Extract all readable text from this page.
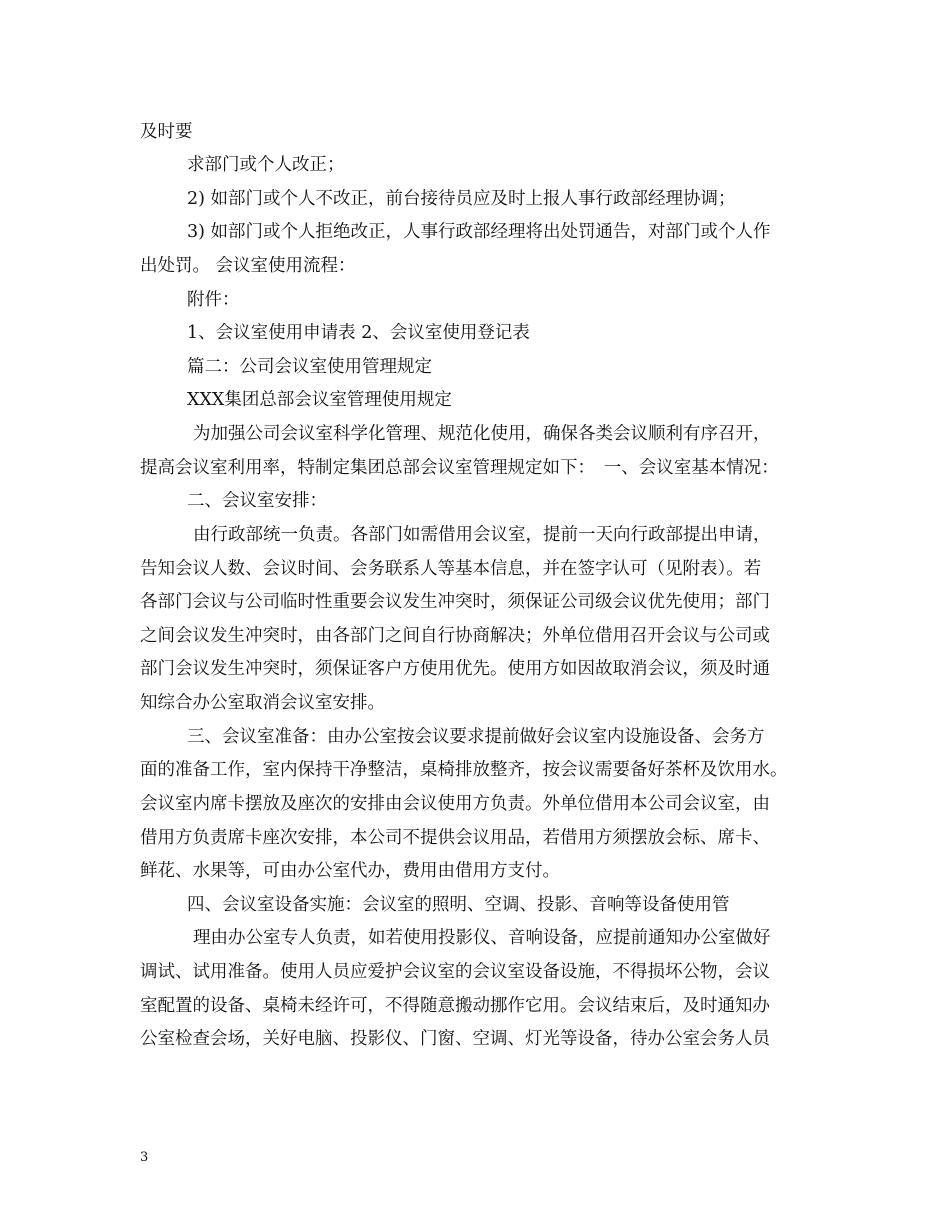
及时要
求部门或个人改正；
2) 如部门或个人不改正，前台接待员应及时上报人事行政部经理协调；
3) 如部门或个人拒绝改正，人事行政部经理将出处罚通告，对部门或个人作
出处罚。 会议室使用流程：
附件：
1、会议室使用申请表 2、会议室使用登记表
篇二：公司会议室使用管理规定
XXX集团总部会议室管理使用规定
为加强公司会议室科学化管理、规范化使用，确保各类会议顺利有序召开，
提高会议室利用率，特制定集团总部会议室管理规定如下：　一、会议室基本情况：
二、会议室安排：
由行政部统一负责。各部门如需借用会议室，提前一天向行政部提出申请，
告知会议人数、会议时间、会务联系人等基本信息，并在签字认可（见附表）。若
各部门会议与公司临时性重要会议发生冲突时，须保证公司级会议优先使用；部门
之间会议发生冲突时，由各部门之间自行协商解决；外单位借用召开会议与公司或
部门会议发生冲突时，须保证客户方使用优先。使用方如因故取消会议，须及时通
知综合办公室取消会议室安排。
三、会议室准备：由办公室按会议要求提前做好会议室内设施设备、会务方
面的准备工作，室内保持干净整洁，桌椅排放整齐，按会议需要备好茶杯及饮用水。
会议室内席卡摆放及座次的安排由会议使用方负责。外单位借用本公司会议室，由
借用方负责席卡座次安排，本公司不提供会议用品，若借用方须摆放会标、席卡、
鲜花、水果等，可由办公室代办，费用由借用方支付。
四、会议室设备实施：会议室的照明、空调、投影、音响等设备使用管
理由办公室专人负责，如若使用投影仪、音响设备，应提前通知办公室做好
调试、试用准备。使用人员应爱护会议室的会议室设备设施，不得损坏公物，会议
室配置的设备、桌椅未经许可，不得随意搬动挪作它用。会议结束后，及时通知办
公室检查会场，关好电脑、投影仪、门窗、空调、灯光等设备，待办公室会务人员
3
